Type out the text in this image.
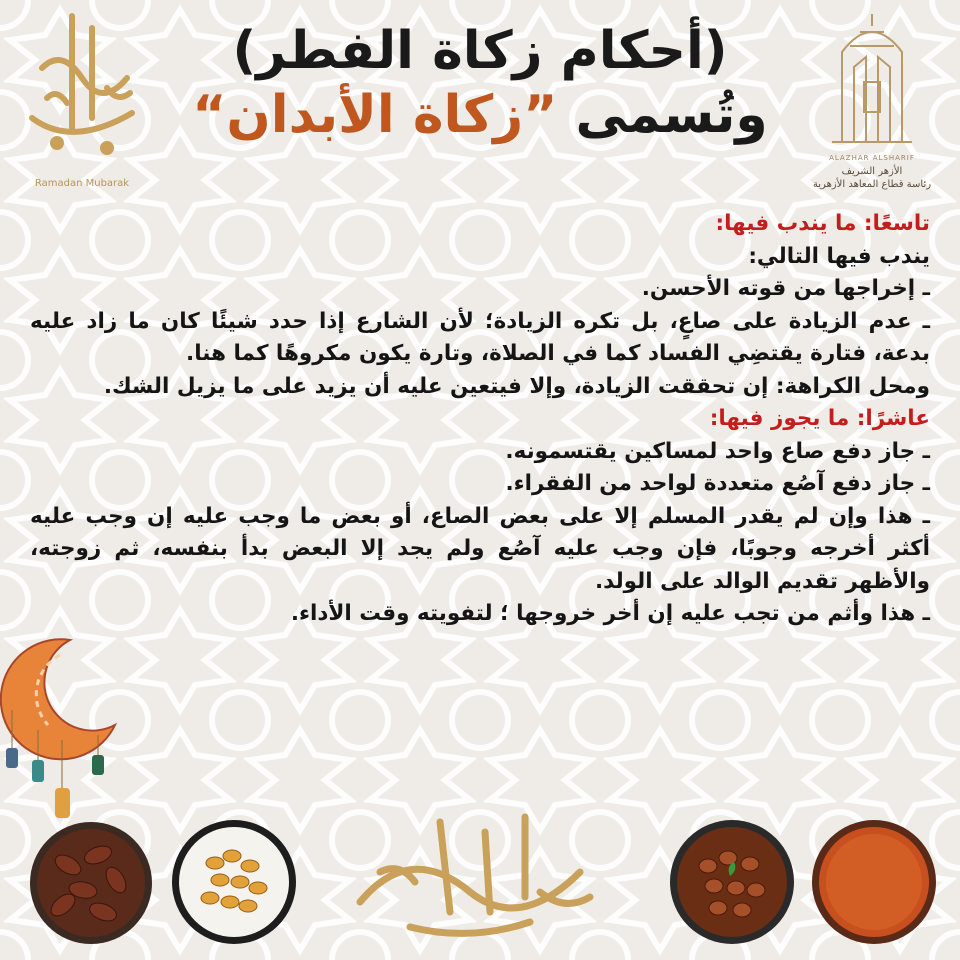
Ramadan Mubarak
(أحكام زكاة الفطر)
وتُسمى ”زكاة الأبدان“
ALAZHAR ALSHARIF
الأزهر الشريف
رئاسة قطاع المعاهد الأزهرية

تاسعًا: ما يندب فيها:

يندب فيها التالي:

ـ إخراجها من قوته الأحسن.

ـ عدم الزيادة على صاعٍ، بل تكره الزيادة؛ لأن الشارع إذا حدد شيئًا كان ما زاد عليه بدعة، فتارة يقتضِي الفساد كما في الصلاة، وتارة يكون مكروهًا كما هنا.

ومحل الكراهة: إن تحققت الزيادة، وإلا فيتعين عليه أن يزيد على ما يزيل الشك.

عاشرًا: ما يجوز فيها:

ـ جاز دفع صاع واحد لمساكين يقتسمونه.

ـ جاز دفع آصُع متعددة لواحد من الفقراء.

ـ هذا وإن لم يقدر المسلم إلا على بعض الصاع، أو بعض ما وجب عليه إن وجب عليه أكثر أخرجه وجوبًا، فإن وجب عليه آصُع ولم يجد إلا البعض بدأ بنفسه، ثم زوجته، والأظهر تقديم الوالد على الولد.

ـ هذا وأثم من تجب عليه إن أخر خروجها ؛ لتفويته وقت الأداء.
